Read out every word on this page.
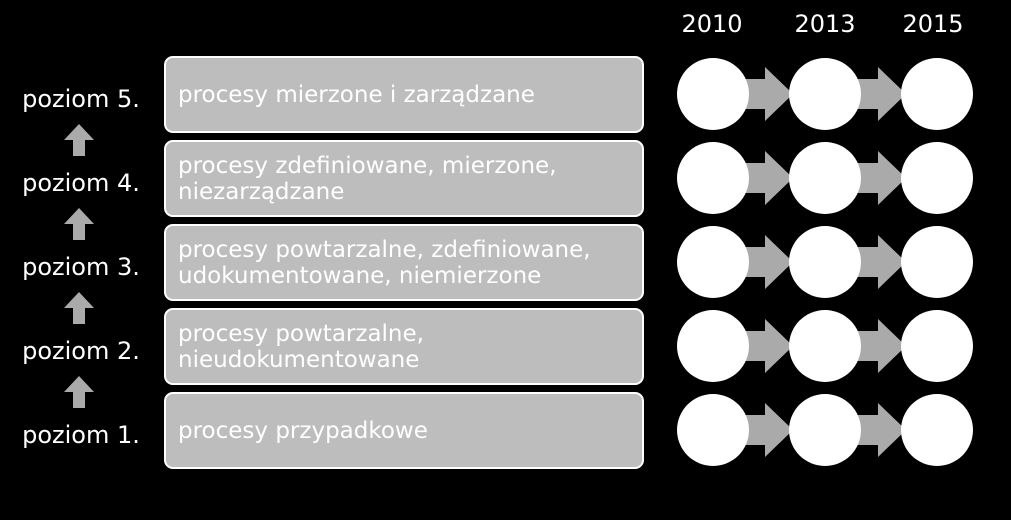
2010	2013	2015
poziom 5.
poziom 4.
poziom 3.
poziom 2.
poziom 1.
procesy mierzone i zarządzane
procesy zdefiniowane, mierzone, niezarządzane
procesy powtarzalne, zdefiniowane, udokumentowane, niemierzone
procesy powtarzalne, nieudokumentowane
procesy przypadkowe
